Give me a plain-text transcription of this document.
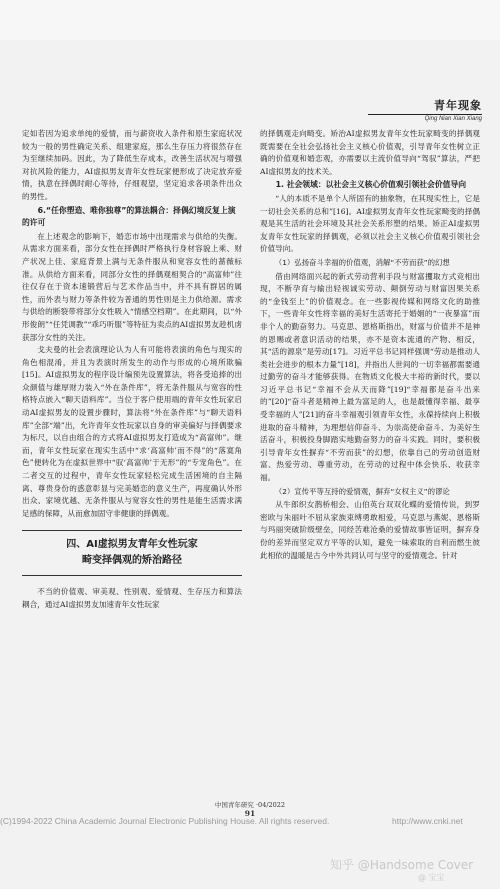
青年现象
Qing Nian Xian Xiang

定如若因为追求单纯的爱情，而与薪资收入条件和原生家庭状况较为一般的男性确定关系、组建家庭，那么生存压力将很然存在为至继续加码。因此，为了降低生存成本，改善生活状况与增强对抗风险的能力，AI虚拟男友青年女性玩家便形成了决定放弃爱情，执意在择偶时耐心等待，仔细观望，坚定追求各项条件出众的男性。

6.“任你塑造、唯你独尊”的算法耦合：择偶幻境反复上演的许可

在上述观念的影响下，婚恋市场中出现需求与供给的失衡。从需求方面来看，部分女性在择偶时严格执行身材容貌上乘、财产状况上佳、家庭背景上满与无条件服从和宽容女性的蔷薇标准。从供给方面来看，同部分女性的择偶观相契合的“高富帅”往往仅存在于资本速锻营后与艺术作品当中，并不具有群居的属性，而外表与财力等条件较为普通的男性则是主力供给源。需求与供给的断裂带将部分女性吸入“情感空档期”。在此期间，以“外形俊朗”“任凭调教”“乖巧听服”等特征为卖点的AI虚拟男友趁机虏获部分女性的关注。

戈夫曼的社会表演理论认为人有可能将表演的角色与现实的角色相混淆，并且为表演时所发生的动作与形成的心境所欺骗[15]。AI虚拟男友的程序设计编预先设置算法，将各受追捧的出众颜值与雄厚财力装入“外在条件库”，将无条件服从与宽容的性格特点嵌入“聊天语料库”。当位于客户使用端的青年女性玩家启动AI虚拟男友的设置步骤时，算法将“外在条件库”与“聊天语料库”全部“端”出，允许青年女性玩家以自身的审美偏好与择偶要求为标尺，以自由组合的方式将AI虚拟男友打造成为“高富帅”。继而，青年女性玩家在现实生活中“求‘高富帅’而不得”的“落寞角色”便转化为在虚拟世界中“驭‘高富帅’于无形”的“专宠角色”。在二者交互的过程中，青年女性玩家轻松完成生活困境的自主隔离、尊贵身份的惑意彰显与完美婚恋的意义生产，再度确认外形出众、家境优越、无条件服从与宽容女性的男性是能生活需求满足感的保障，从而愈加固守非健康的择偶观。

四、AI虚拟男友青年女性玩家
畸变择偶观的矫治路径

不当的价值观、审美观、性别观、爱情观、生存压力和算法耦合，通过AI虚拟男友加速青年女性玩家

的择偶观走向畸变。矫治AI虚拟男友青年女性玩家畸变的择偶观既需要在全社会弘扬社会主义核心价值观，引导青年女性树立正确的价值观和婚恋观，亦需要以主流价值导向“驾驭”算法，严把AI虚拟男友的技术关。

1. 社会领域：以社会主义核心价值观引领社会价值导向

“人的本质不是单个人所固有的抽象物，在其现实性上，它是一切社会关系的总和”[16]。AI虚拟男友青年女性玩家畸变的择偶观是其生活的社会环境及其社会关系形塑的结果。矫正AI虚拟男友青年女性玩家的择偶观，必须以社会主义核心价值观引领社会价值导向。

（1）弘扬奋斗幸福的价值观，消解“不劳而获”的幻想

借由网络面兴起的新式劳动营利手段与财富攫取方式竞相出现，不断孕育与输出轻视诚实劳动、颠倒劳动与财富因果关系的“金钱至上”的价值观念。在一些影视传媒和网络文化的助推下，一些青年女性将幸福的美好生活寄托于婚姻的“一夜暴富”而非个人的勤奋努力。马克思、恩格斯指出，财富与价值并不是神的恩赐或者意识活动的结果，亦不是资本流通的产物、相反，其“活的源泉”是劳动[17]。习近平总书记同样强调“劳动是推动人类社会进步的根本力量”[18]，并指出人世间的一切幸福都需要通过勤劳的奋斗才能够获得。在物质文化极大丰裕的新时代，要以习近平总书记“幸福不会从天而降”[19]“幸福都是奋斗出来的”[20]“奋斗者是精神上最为富足的人，也是最懂得幸福、最享受幸福的人”[21]的奋斗幸福观引领青年女性，永葆持续向上积极进取的奋斗精神，为理想信仰奋斗、为崇高使命奋斗、为美好生活奋斗，积极投身脚踏实地勤奋努力的奋斗实践。同时，要积极引导青年女性摒弃“不劳而获”的幻想，依靠自己的劳动创造财富、热爱劳动、尊重劳动，在劳动的过程中体会快乐、收获幸福。

（2）宣传平等互持的爱情观，摒弃“女权主义”的谬论

从牛郎织女鹊桥相会、山伯英台双双化蝶的爱情传说，到罗密欧与朱丽叶不屈从家族束缚勇敢相爱，马克思与燕妮、恩格斯与玛丽突破阶级壁垒，同经苦难沧桑的爱情故事皆证明，摒弃身份的差异而坚定双方平等的认知，避免一味索取的自利而燃生彼此相依的温暖是古今中外共同认可与坚守的爱情观念。针对

中国青年研究 ·04/2022
91
(C)1994-2022 China Academic Journal Electronic Publishing House. All rights reserved.	http://www.cnki.net
知乎 @Handsome Cover
@ 宝宝
